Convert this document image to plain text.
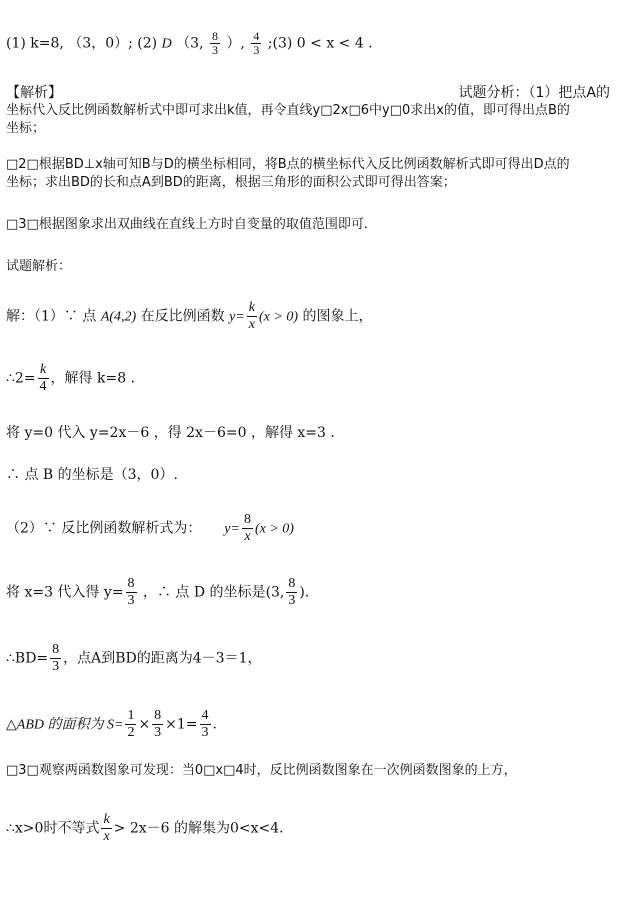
(1) k=8, （3，0）; (2) D （3, $\frac{8}{3}$ ）, $\frac{4}{3}$ ;(3) 0 < x < 4 .
【解析】	试题分析：（1）把点A的
坐标代入反比例函数解析式中即可求出k值，再令直线y□2x□6中y□0求出x的值，即可得出点B的
坐标；
□2□根据BD⊥x轴可知B与D的横坐标相同，将B点的横坐标代入反比例函数解析式即可得出D点的
坐标；求出BD的长和点A到BD的距离，根据三角形的面积公式即可得出答案；
□3□根据图象求出双曲线在直线上方时自变量的取值范围即可．
试题解析：
解：（1）∵ 点 A(4,2) 在反比例函数 $y= \frac{k}{x} (x > 0)$ 的图象上，
∴2= $\frac{k}{4}$ ，解得 k=8 ．
将 y=0 代入 y=2x－6 ，得 2x－6=0 ，解得 x=3 ．
∴ 点 B 的坐标是（3，0）.
（2）∵ 反比例函数解析式为： $y= \frac{8}{x} (x > 0)$
将 x=3 代入得 $y= \frac{8}{3}$ ，∴ 点 D 的坐标是(3, $\frac{8}{3}$ ).
∴BD= $\frac{8}{3}$ ，点A到BD的距离为4－3＝1，
△ABD 的面积为 $S= \frac{1}{2} \times \frac{8}{3} \times 1= \frac{4}{3}$ .
□3□观察两函数图象可发现：当0□x□4时，反比例函数图象在一次例函数图象的上方，
∴x>0时不等式 $\frac{k}{x} > 2x-6$ 的解集为0<x<4．
